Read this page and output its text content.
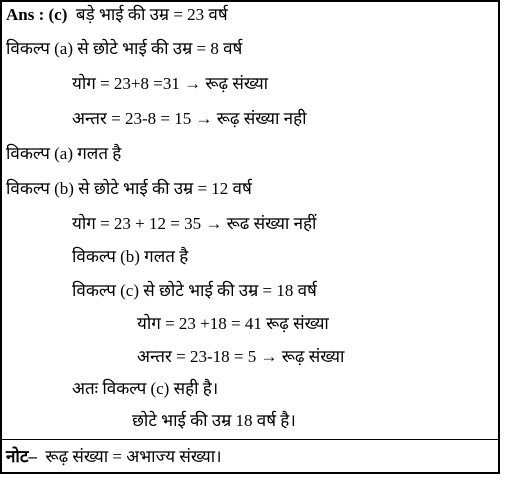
Ans : (c) बड़े भाई की उम्र = 23 वर्ष
विकल्प (a) से छोटे भाई की उम्र = 8 वर्ष
योग = 23+8 =31 → रूढ़ संख्या
अन्तर = 23-8 = 15 → रूढ़ संख्या नही
विकल्प (a) गलत है
विकल्प (b) से छोटे भाई की उम्र = 12 वर्ष
योग = 23 + 12 = 35 → रूढ संख्या नहीं
विकल्प (b) गलत है
विकल्प (c) से छोटे भाई की उम्र = 18 वर्ष
योग = 23 +18 = 41 रूढ़ संख्या
अन्तर = 23-18 = 5 → रूढ़ संख्या
अतः विकल्प (c) सही है।
छोटे भाई की उम्र 18 वर्ष है।
नोट– रूढ़ संख्या = अभाज्य संख्या।
